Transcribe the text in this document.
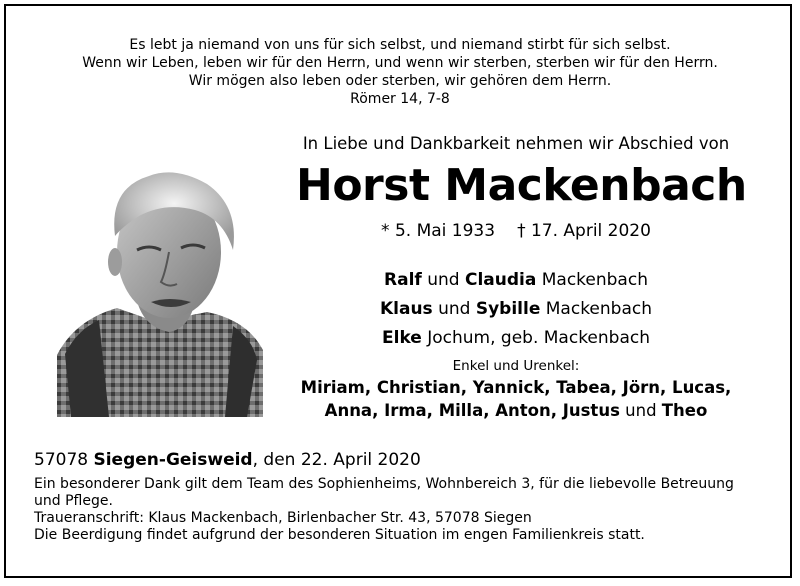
Es lebt ja niemand von uns für sich selbst, und niemand stirbt für sich selbst.
Wenn wir Leben, leben wir für den Herrn, und wenn wir sterben, sterben wir für den Herrn.
Wir mögen also leben oder sterben, wir gehören dem Herrn.
Römer 14, 7-8
In Liebe und Dankbarkeit nehmen wir Abschied von
Horst Mackenbach
* 5. Mai 1933 † 17. April 2020
Ralf und Claudia Mackenbach
Klaus und Sybille Mackenbach
Elke Jochum, geb. Mackenbach
Enkel und Urenkel:
Miriam, Christian, Yannick, Tabea, Jörn, Lucas,
Anna, Irma, Milla, Anton, Justus und Theo
57078 Siegen-Geisweid, den 22. April 2020
Ein besonderer Dank gilt dem Team des Sophienheims, Wohnbereich 3, für die liebevolle Betreuung
und Pflege.
Traueranschrift: Klaus Mackenbach, Birlenbacher Str. 43, 57078 Siegen
Die Beerdigung findet aufgrund der besonderen Situation im engen Familienkreis statt.
